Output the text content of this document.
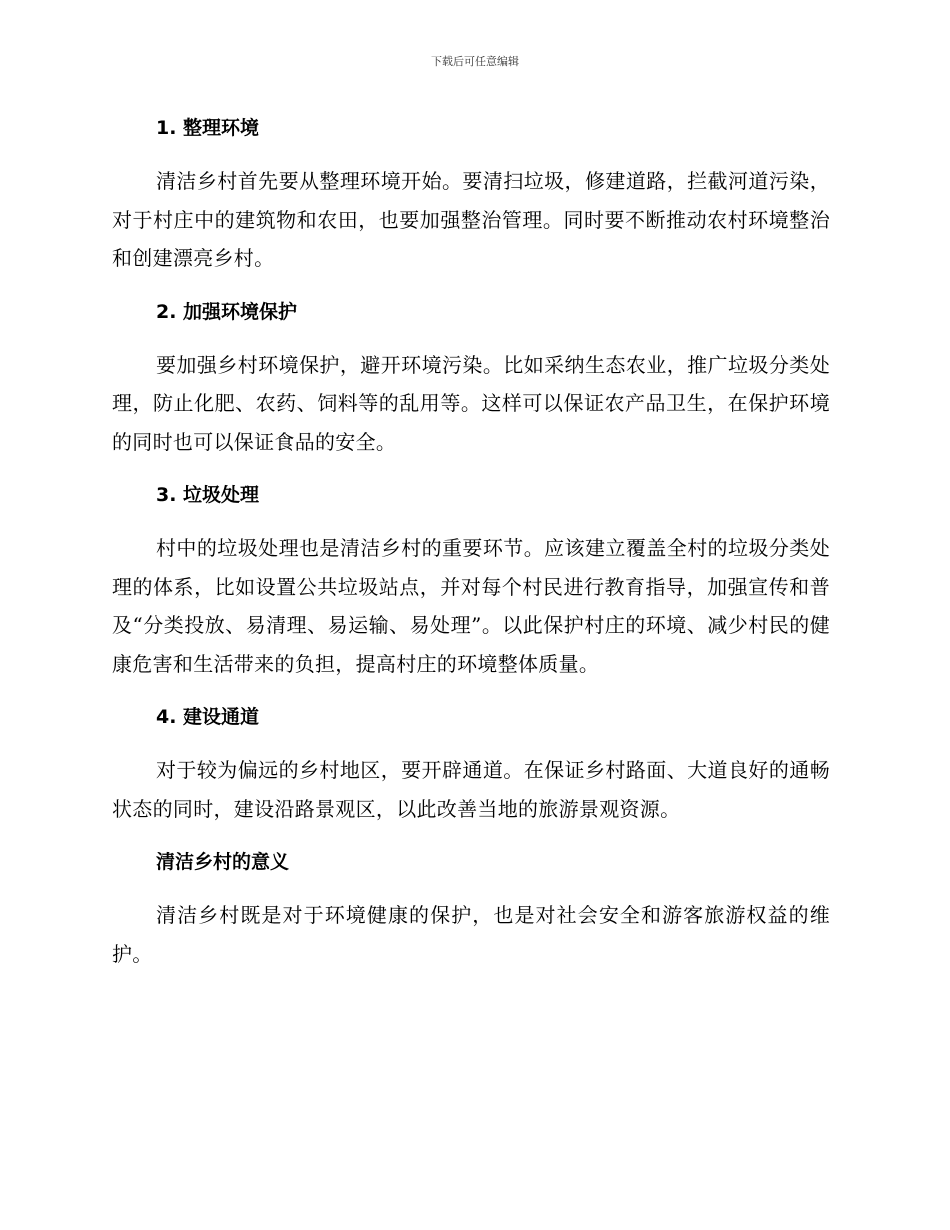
下载后可任意编辑
1. 整理环境

清洁乡村首先要从整理环境开始。要清扫垃圾，修建道路，拦截河道污染，对于村庄中的建筑物和农田，也要加强整治管理。同时要不断推动农村环境整治和创建漂亮乡村。

2. 加强环境保护

要加强乡村环境保护，避开环境污染。比如采纳生态农业，推广垃圾分类处理，防止化肥、农药、饲料等的乱用等。这样可以保证农产品卫生，在保护环境的同时也可以保证食品的安全。

3. 垃圾处理

村中的垃圾处理也是清洁乡村的重要环节。应该建立覆盖全村的垃圾分类处理的体系，比如设置公共垃圾站点，并对每个村民进行教育指导，加强宣传和普及“分类投放、易清理、易运输、易处理”。以此保护村庄的环境、减少村民的健康危害和生活带来的负担，提高村庄的环境整体质量。

4. 建设通道

对于较为偏远的乡村地区，要开辟通道。在保证乡村路面、大道良好的通畅状态的同时，建设沿路景观区，以此改善当地的旅游景观资源。

清洁乡村的意义

清洁乡村既是对于环境健康的保护，也是对社会安全和游客旅游权益的维护。
